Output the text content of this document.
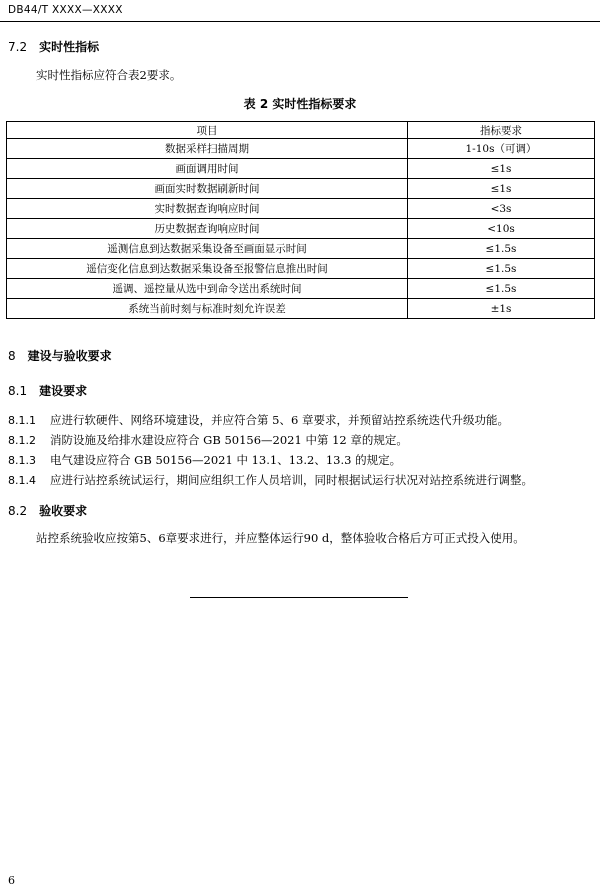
DB44/T XXXX—XXXX
7.2 实时性指标
实时性指标应符合表2要求。
表 2 实时性指标要求
项目	指标要求
数据采样扫描周期	1-10s（可调）
画面调用时间	≤1s
画面实时数据刷新时间	≤1s
实时数据查询响应时间	<3s
历史数据查询响应时间	<10s
遥测信息到达数据采集设备至画面显示时间	≤1.5s
遥信变化信息到达数据采集设备至报警信息推出时间	≤1.5s
遥调、遥控量从选中到命令送出系统时间	≤1.5s
系统当前时刻与标准时刻允许误差	±1s
8 建设与验收要求
8.1 建设要求
8.1.1 应进行软硬件、网络环境建设，并应符合第 5、6 章要求，并预留站控系统迭代升级功能。
8.1.2 消防设施及给排水建设应符合 GB 50156—2021 中第 12 章的规定。
8.1.3 电气建设应符合 GB 50156—2021 中 13.1、13.2、13.3 的规定。
8.1.4 应进行站控系统试运行，期间应组织工作人员培训，同时根据试运行状况对站控系统进行调整。
8.2 验收要求
站控系统验收应按第5、6章要求进行，并应整体运行90 d，整体验收合格后方可正式投入使用。
6
